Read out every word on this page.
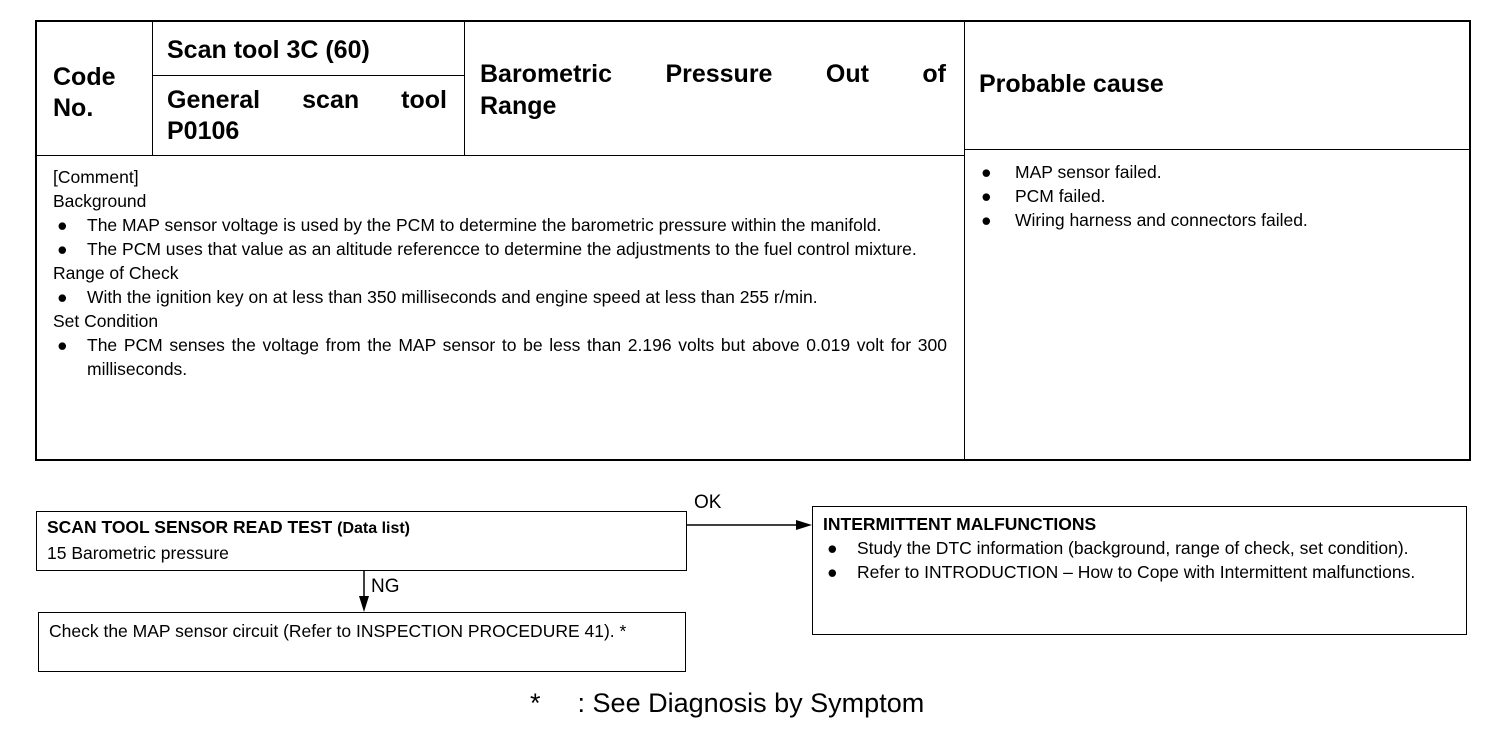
Code No.
Scan tool 3C (60)
General scan tool
P0106
Barometric Pressure Out of
Range
Probable cause
[Comment]
Background
● The MAP sensor voltage is used by the PCM to determine the barometric pressure within the manifold.
● The PCM uses that value as an altitude referencce to determine the adjustments to the fuel control mixture.
Range of Check
● With the ignition key on at less than 350 milliseconds and engine speed at less than 255 r/min.
Set Condition
● The PCM senses the voltage from the MAP sensor to be less than 2.196 volts but above 0.019 volt for 300 milliseconds.
● MAP sensor failed.
● PCM failed.
● Wiring harness and connectors failed.
OK
NG
SCAN TOOL SENSOR READ TEST (Data list)
15 Barometric pressure
Check the MAP sensor circuit (Refer to INSPECTION PROCEDURE 41). *
INTERMITTENT MALFUNCTIONS
● Study the DTC information (background, range of check, set condition).
● Refer to INTRODUCTION – How to Cope with Intermittent malfunctions.
* : See Diagnosis by Symptom
